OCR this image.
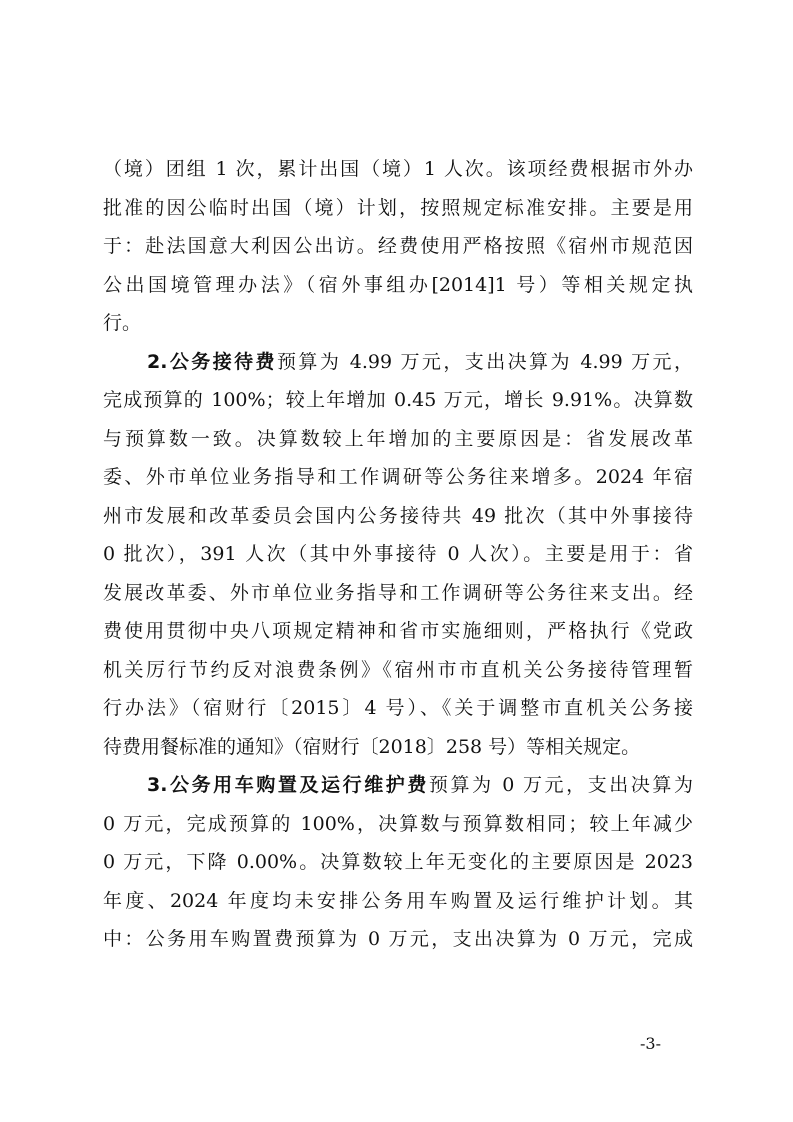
（境）团组 1 次，累计出国（境）1 人次。该项经费根据市外办
批准的因公临时出国（境）计划，按照规定标准安排。主要是用
于：赴法国意大利因公出访。经费使用严格按照《宿州市规范因
公出国境管理办法》（宿外事组办[2014]1 号）等相关规定执
行。
2.公务接待费预算为 4.99 万元，支出决算为 4.99 万元，
完成预算的 100%；较上年增加 0.45 万元，增长 9.91%。决算数
与预算数一致。决算数较上年增加的主要原因是：省发展改革
委、外市单位业务指导和工作调研等公务往来增多。2024 年宿
州市发展和改革委员会国内公务接待共 49 批次（其中外事接待
0 批次），391 人次（其中外事接待 0 人次）。主要是用于：省
发展改革委、外市单位业务指导和工作调研等公务往来支出。经
费使用贯彻中央八项规定精神和省市实施细则，严格执行《党政
机关厉行节约反对浪费条例》《宿州市市直机关公务接待管理暂
行办法》（宿财行〔2015〕4 号）、《关于调整市直机关公务接
待费用餐标准的通知》（宿财行〔2018〕258 号）等相关规定。
3.公务用车购置及运行维护费预算为 0 万元，支出决算为
0 万元，完成预算的 100%，决算数与预算数相同；较上年减少
0 万元，下降 0.00%。决算数较上年无变化的主要原因是 2023
年度、2024 年度均未安排公务用车购置及运行维护计划。其
中：公务用车购置费预算为 0 万元，支出决算为 0 万元，完成
-3-
